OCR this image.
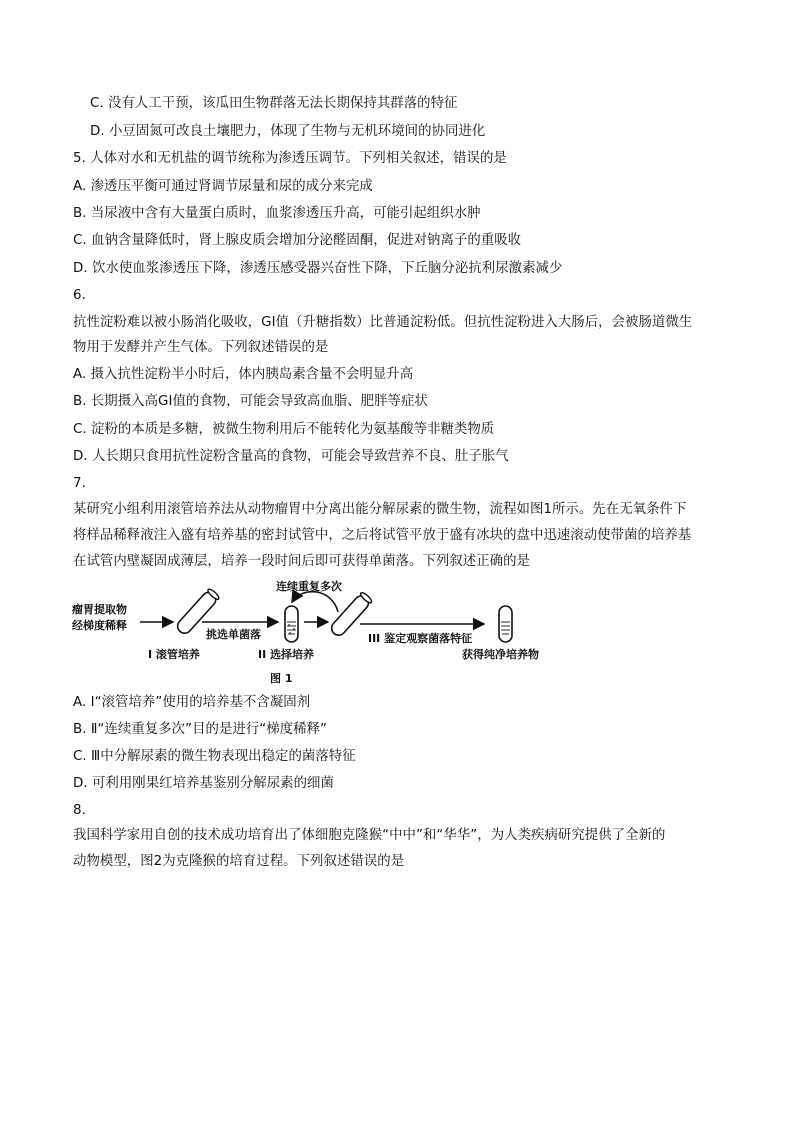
C. 没有人工干预，该瓜田生物群落无法长期保持其群落的特征
D. 小豆固氮可改良土壤肥力，体现了生物与无机环境间的协同进化
5. 人体对水和无机盐的调节统称为渗透压调节。下列相关叙述，错误的是
A. 渗透压平衡可通过肾调节尿量和尿的成分来完成
B. 当尿液中含有大量蛋白质时，血浆渗透压升高，可能引起组织水肿
C. 血钠含量降低时，肾上腺皮质会增加分泌醛固酮，促进对钠离子的重吸收
D. 饮水使血浆渗透压下降，渗透压感受器兴奋性下降，下丘脑分泌抗利尿激素减少
6.
抗性淀粉难以被小肠消化吸收，GI值（升糖指数）比普通淀粉低。但抗性淀粉进入大肠后，会被肠道微生
物用于发酵并产生气体。下列叙述错误的是
A. 摄入抗性淀粉半小时后，体内胰岛素含量不会明显升高
B. 长期摄入高GI值的食物，可能会导致高血脂、肥胖等症状
C. 淀粉的本质是多糖，被微生物利用后不能转化为氨基酸等非糖类物质
D. 人长期只食用抗性淀粉含量高的食物，可能会导致营养不良、肚子胀气
7.
某研究小组利用滚管培养法从动物瘤胃中分离出能分解尿素的微生物，流程如图1所示。先在无氧条件下
将样品稀释液注入盛有培养基的密封试管中，之后将试管平放于盛有冰块的盘中迅速滚动使带菌的培养基
在试管内壁凝固成薄层，培养一段时间后即可获得单菌落。下列叙述正确的是
瘤胃提取物
经梯度稀释
I 滚管培养
挑选单菌落
II 选择培养
连续重复多次
III 鉴定观察菌落特征
获得纯净培养物
图 1
A. Ⅰ“滚管培养”使用的培养基不含凝固剂
B. Ⅱ“连续重复多次”目的是进行“梯度稀释”
C. Ⅲ中分解尿素的微生物表现出稳定的菌落特征
D. 可利用刚果红培养基鉴别分解尿素的细菌
8.
我国科学家用自创的技术成功培育出了体细胞克隆猴“中中”和“华华”，为人类疾病研究提供了全新的
动物模型，图2为克隆猴的培育过程。下列叙述错误的是
